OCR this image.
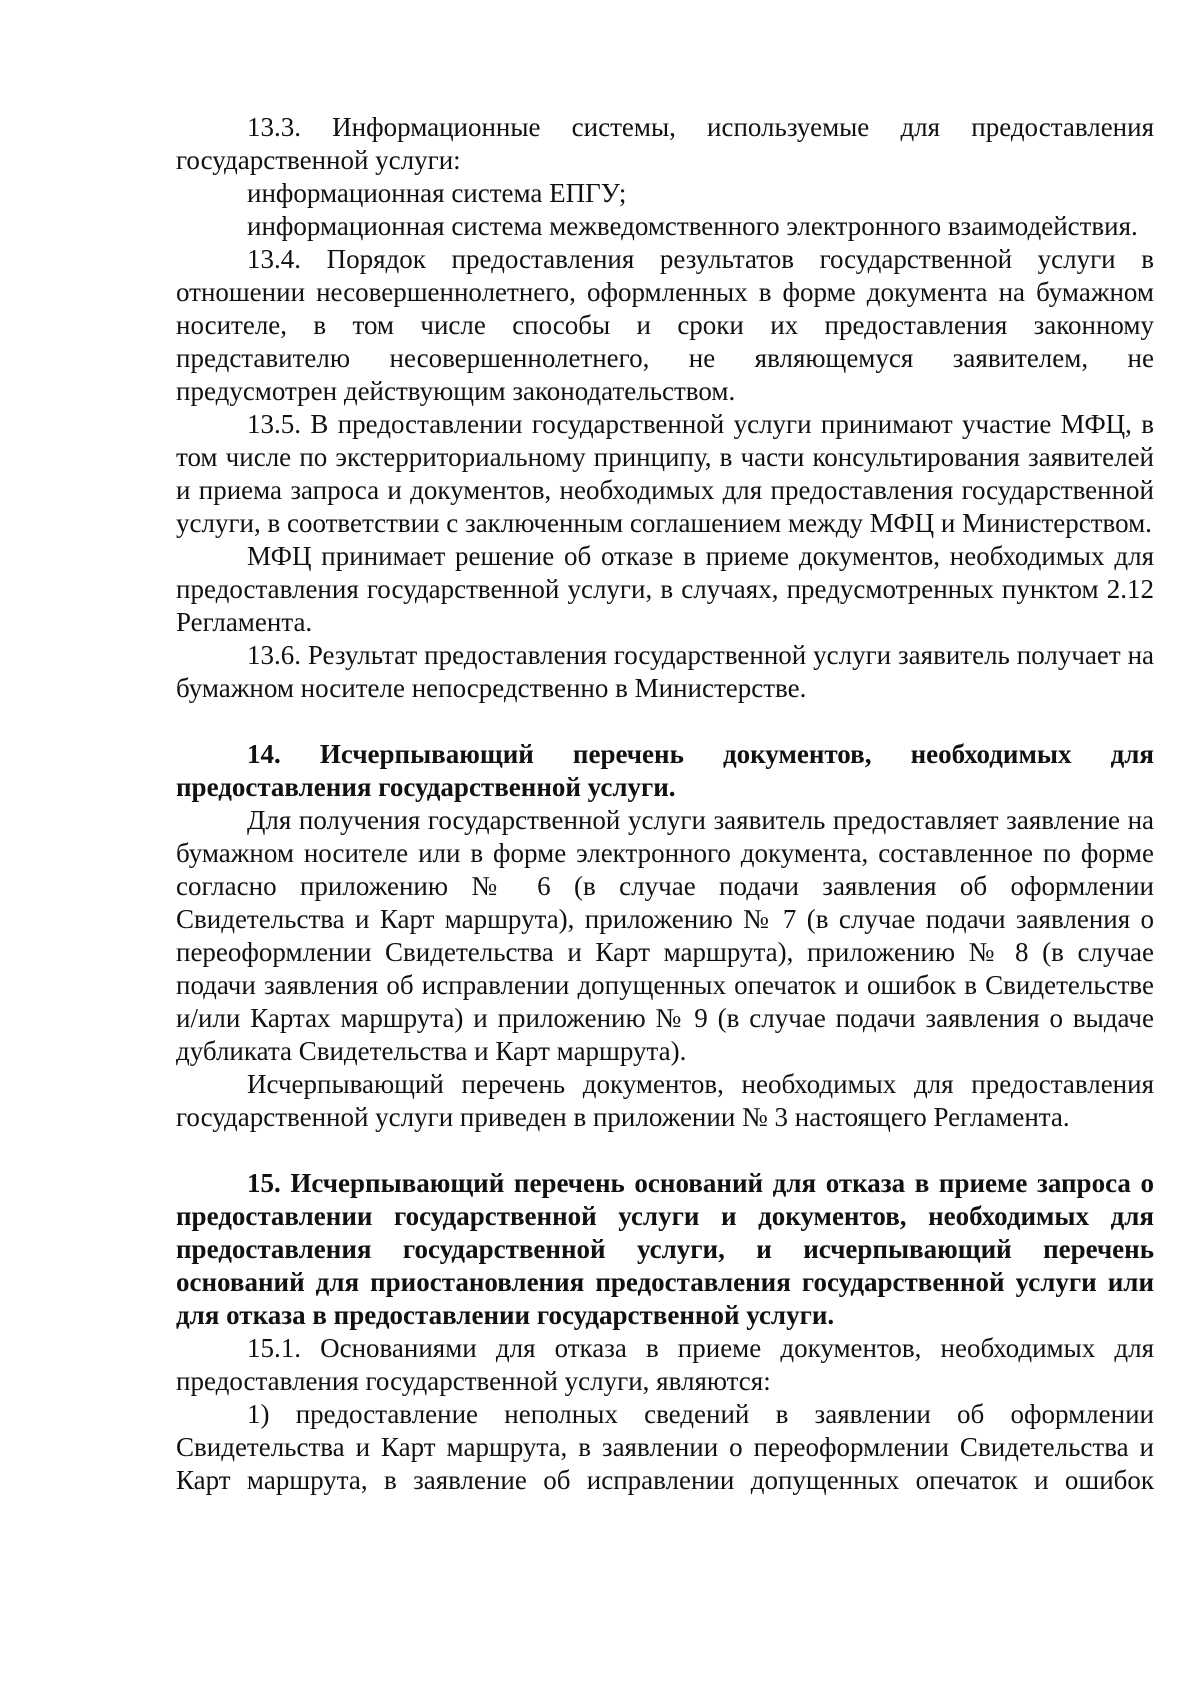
13.3. Информационные системы, используемые для предоставления государственной услуги:

информационная система ЕПГУ;

информационная система межведомственного электронного взаимодействия.

13.4. Порядок предоставления результатов государственной услуги в отношении несовершеннолетнего, оформленных в форме документа на бумажном носителе, в том числе способы и сроки их предоставления законному представителю несовершеннолетнего, не являющемуся заявителем, не предусмотрен действующим законодательством.

13.5. В предоставлении государственной услуги принимают участие МФЦ, в том числе по экстерриториальному принципу, в части консультирования заявителей и приема запроса и документов, необходимых для предоставления государственной услуги, в соответствии с заключенным соглашением между МФЦ и Министерством.

МФЦ принимает решение об отказе в приеме документов, необходимых для предоставления государственной услуги, в случаях, предусмотренных пунктом 2.12 Регламента.

13.6. Результат предоставления государственной услуги заявитель получает на бумажном носителе непосредственно в Министерстве.

14. Исчерпывающий перечень документов, необходимых для предоставления государственной услуги.

Для получения государственной услуги заявитель предоставляет заявление на бумажном носителе или в форме электронного документа, составленное по форме согласно приложению № 6 (в случае подачи заявления об оформлении Свидетельства и Карт маршрута), приложению № 7 (в случае подачи заявления о переоформлении Свидетельства и Карт маршрута), приложению № 8 (в случае подачи заявления об исправлении допущенных опечаток и ошибок в Свидетельстве и/или Картах маршрута) и приложению № 9 (в случае подачи заявления о выдаче дубликата Свидетельства и Карт маршрута).

Исчерпывающий перечень документов, необходимых для предоставления государственной услуги приведен в приложении № 3 настоящего Регламента.

15. Исчерпывающий перечень оснований для отказа в приеме запроса о предоставлении государственной услуги и документов, необходимых для предоставления государственной услуги, и исчерпывающий перечень оснований для приостановления предоставления государственной услуги или для отказа в предоставлении государственной услуги.

15.1. Основаниями для отказа в приеме документов, необходимых для предоставления государственной услуги, являются:

1) предоставление неполных сведений в заявлении об оформлении Свидетельства и Карт маршрута, в заявлении о переоформлении Свидетельства и Карт маршрута, в заявление об исправлении допущенных опечаток и ошибок
